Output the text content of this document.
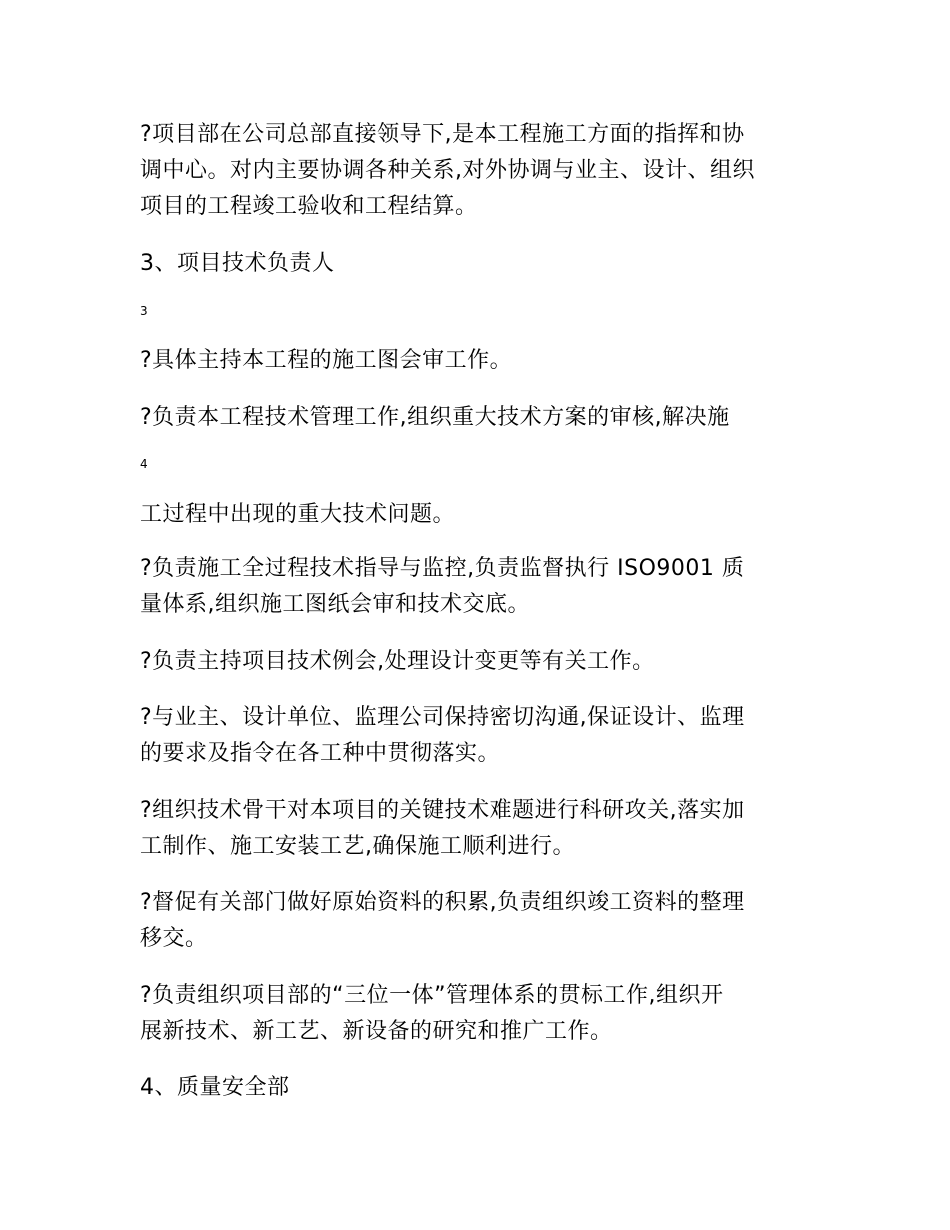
?项目部在公司总部直接领导下,是本工程施工方面的指挥和协
调中心。对内主要协调各种关系,对外协调与业主、设计、组织
项目的工程竣工验收和工程结算。
3、项目技术负责人
3
?具体主持本工程的施工图会审工作。
?负责本工程技术管理工作,组织重大技术方案的审核,解决施
4
工过程中出现的重大技术问题。
?负责施工全过程技术指导与监控,负责监督执行 ISO9001 质
量体系,组织施工图纸会审和技术交底。
?负责主持项目技术例会,处理设计变更等有关工作。
?与业主、设计单位、监理公司保持密切沟通,保证设计、监理
的要求及指令在各工种中贯彻落实。
?组织技术骨干对本项目的关键技术难题进行科研攻关,落实加
工制作、施工安装工艺,确保施工顺利进行。
?督促有关部门做好原始资料的积累,负责组织竣工资料的整理
移交。
?负责组织项目部的“三位一体”管理体系的贯标工作,组织开
展新技术、新工艺、新设备的研究和推广工作。
4、质量安全部
